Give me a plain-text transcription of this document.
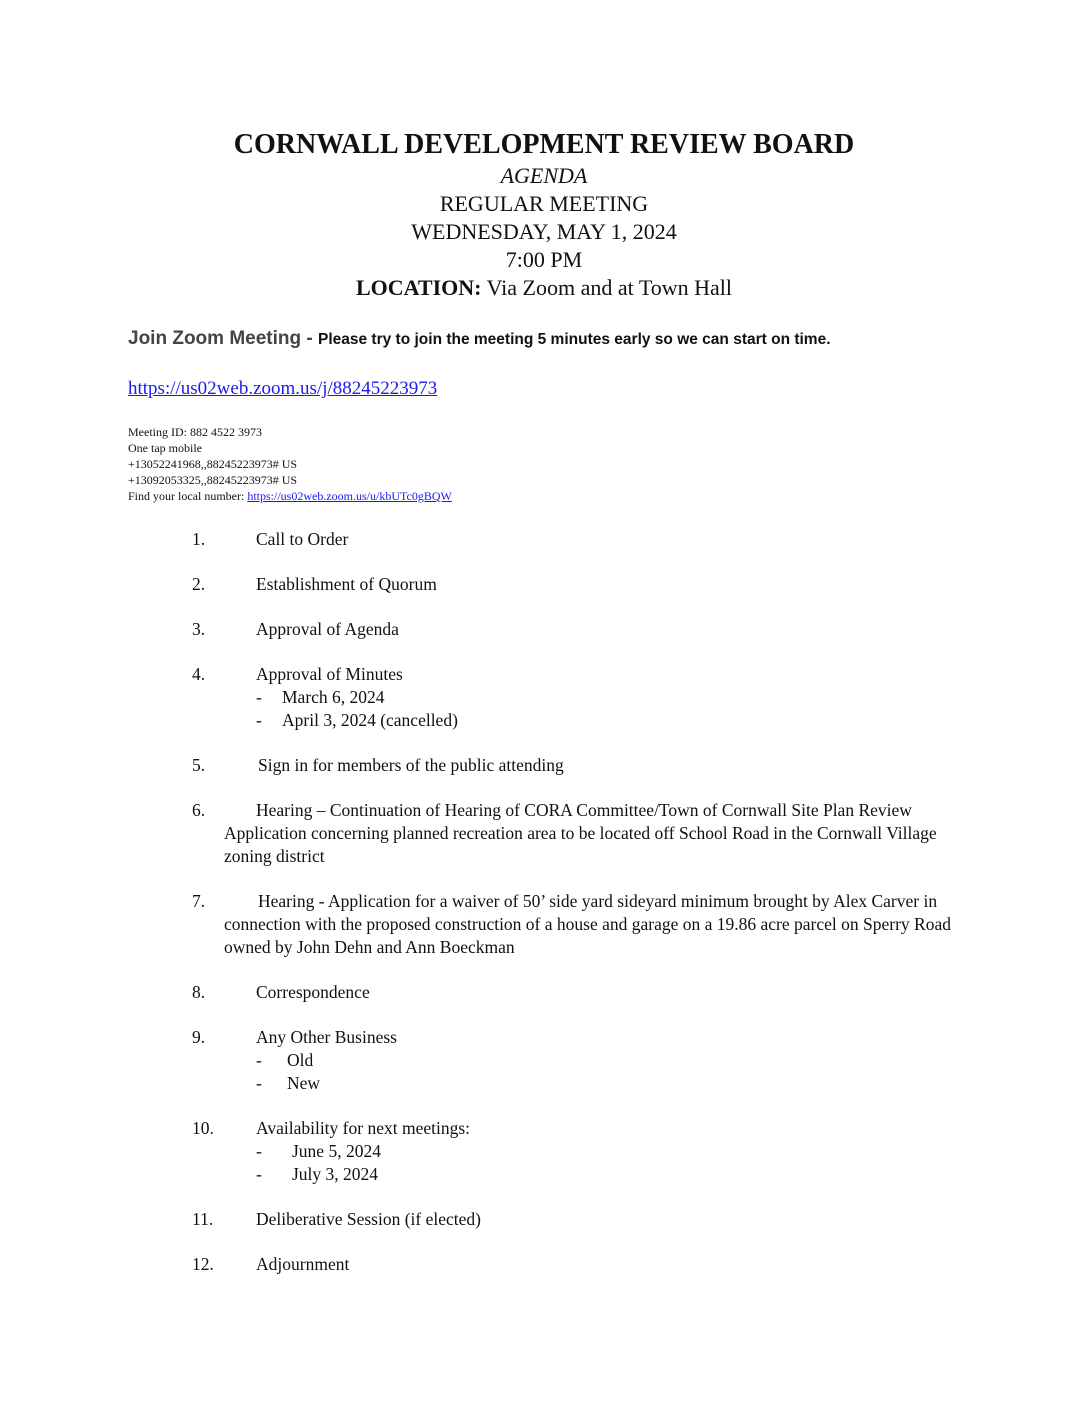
CORNWALL DEVELOPMENT REVIEW BOARD
AGENDA
REGULAR MEETING
WEDNESDAY, MAY 1, 2024
7:00 PM
LOCATION: Via Zoom and at Town Hall
Join Zoom Meeting - Please try to join the meeting 5 minutes early so we can start on time.
https://us02web.zoom.us/j/88245223973
Meeting ID: 882 4522 3973
One tap mobile
+13052241968,,88245223973# US
+13092053325,,88245223973# US
Find your local number: https://us02web.zoom.us/u/kbUTc0gBQW
1.	Call to Order
2.	Establishment of Quorum
3.	Approval of Agenda
4.	Approval of Minutes
- March 6, 2024
- April 3, 2024 (cancelled)
5.	Sign in for members of the public attending
6.	Hearing – Continuation of Hearing of CORA Committee/Town of Cornwall Site Plan Review Application concerning planned recreation area to be located off School Road in the Cornwall Village zoning district
7.	Hearing - Application for a waiver of 50’ side yard sideyard minimum brought by Alex Carver in connection with the proposed construction of a house and garage on a 19.86 acre parcel on Sperry Road owned by John Dehn and Ann Boeckman
8.	Correspondence
9.	Any Other Business
- Old
- New
10. Availability for next meetings:
- June 5, 2024
- July 3, 2024
11. Deliberative Session (if elected)
12. Adjournment
